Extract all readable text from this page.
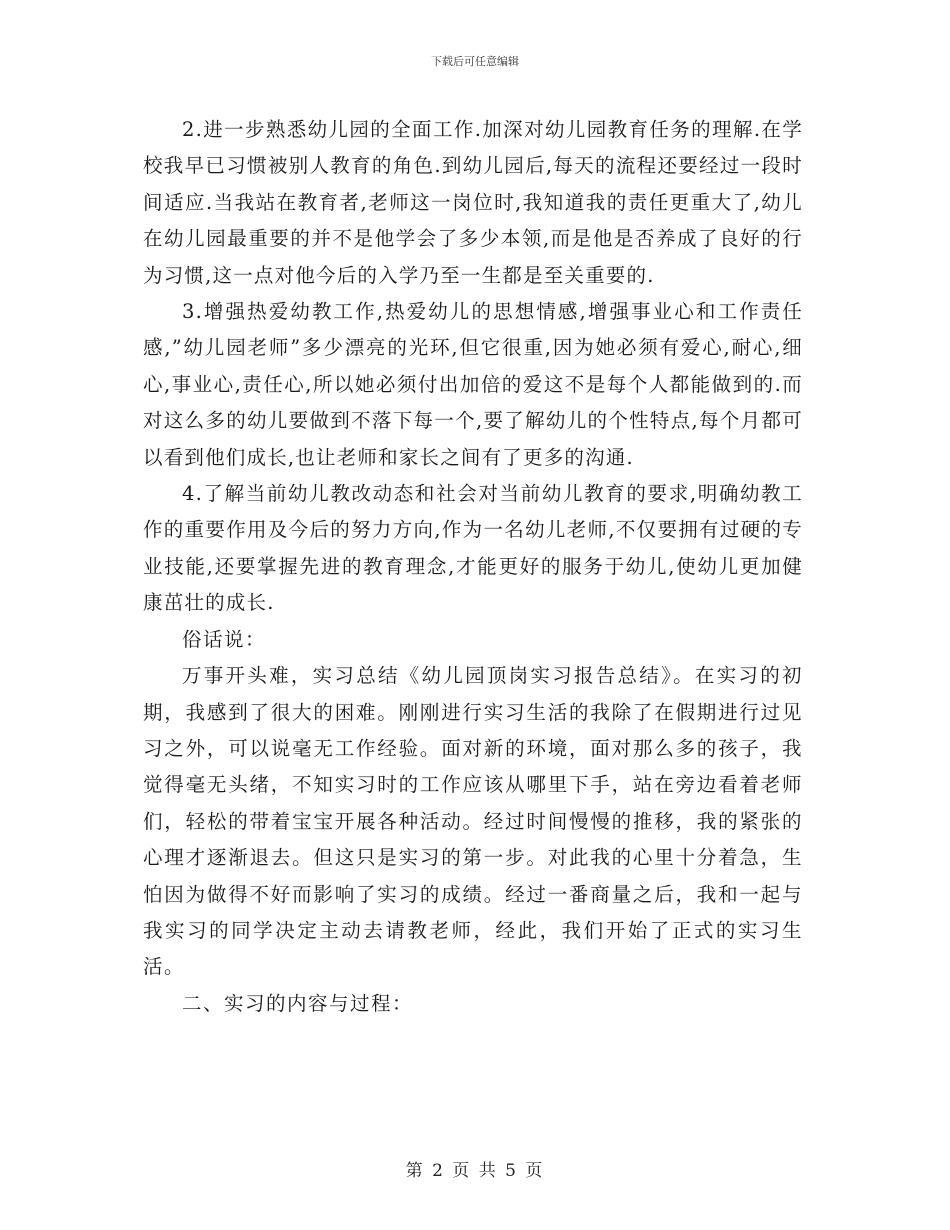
下载后可任意编辑

2.进一步熟悉幼儿园的全面工作.加深对幼儿园教育任务的理解.在学校我早已习惯被别人教育的角色.到幼儿园后,每天的流程还要经过一段时间适应.当我站在教育者,老师这一岗位时,我知道我的责任更重大了,幼儿在幼儿园最重要的并不是他学会了多少本领,而是他是否养成了良好的行为习惯,这一点对他今后的入学乃至一生都是至关重要的.

3.增强热爱幼教工作,热爱幼儿的思想情感,增强事业心和工作责任感,”幼儿园老师”多少漂亮的光环,但它很重,因为她必须有爱心,耐心,细心,事业心,责任心,所以她必须付出加倍的爱这不是每个人都能做到的.而对这么多的幼儿要做到不落下每一个,要了解幼儿的个性特点,每个月都可以看到他们成长,也让老师和家长之间有了更多的沟通.

4.了解当前幼儿教改动态和社会对当前幼儿教育的要求,明确幼教工作的重要作用及今后的努力方向,作为一名幼儿老师,不仅要拥有过硬的专业技能,还要掌握先进的教育理念,才能更好的服务于幼儿,使幼儿更加健康茁壮的成长.

俗话说：

万事开头难，实习总结《幼儿园顶岗实习报告总结》。在实习的初期，我感到了很大的困难。刚刚进行实习生活的我除了在假期进行过见习之外，可以说毫无工作经验。面对新的环境，面对那么多的孩子，我觉得毫无头绪，不知实习时的工作应该从哪里下手，站在旁边看着老师们，轻松的带着宝宝开展各种活动。经过时间慢慢的推移，我的紧张的心理才逐渐退去。但这只是实习的第一步。对此我的心里十分着急，生怕因为做得不好而影响了实习的成绩。经过一番商量之后，我和一起与我实习的同学决定主动去请教老师，经此，我们开始了正式的实习生活。

二、实习的内容与过程：

第 2 页 共 5 页
